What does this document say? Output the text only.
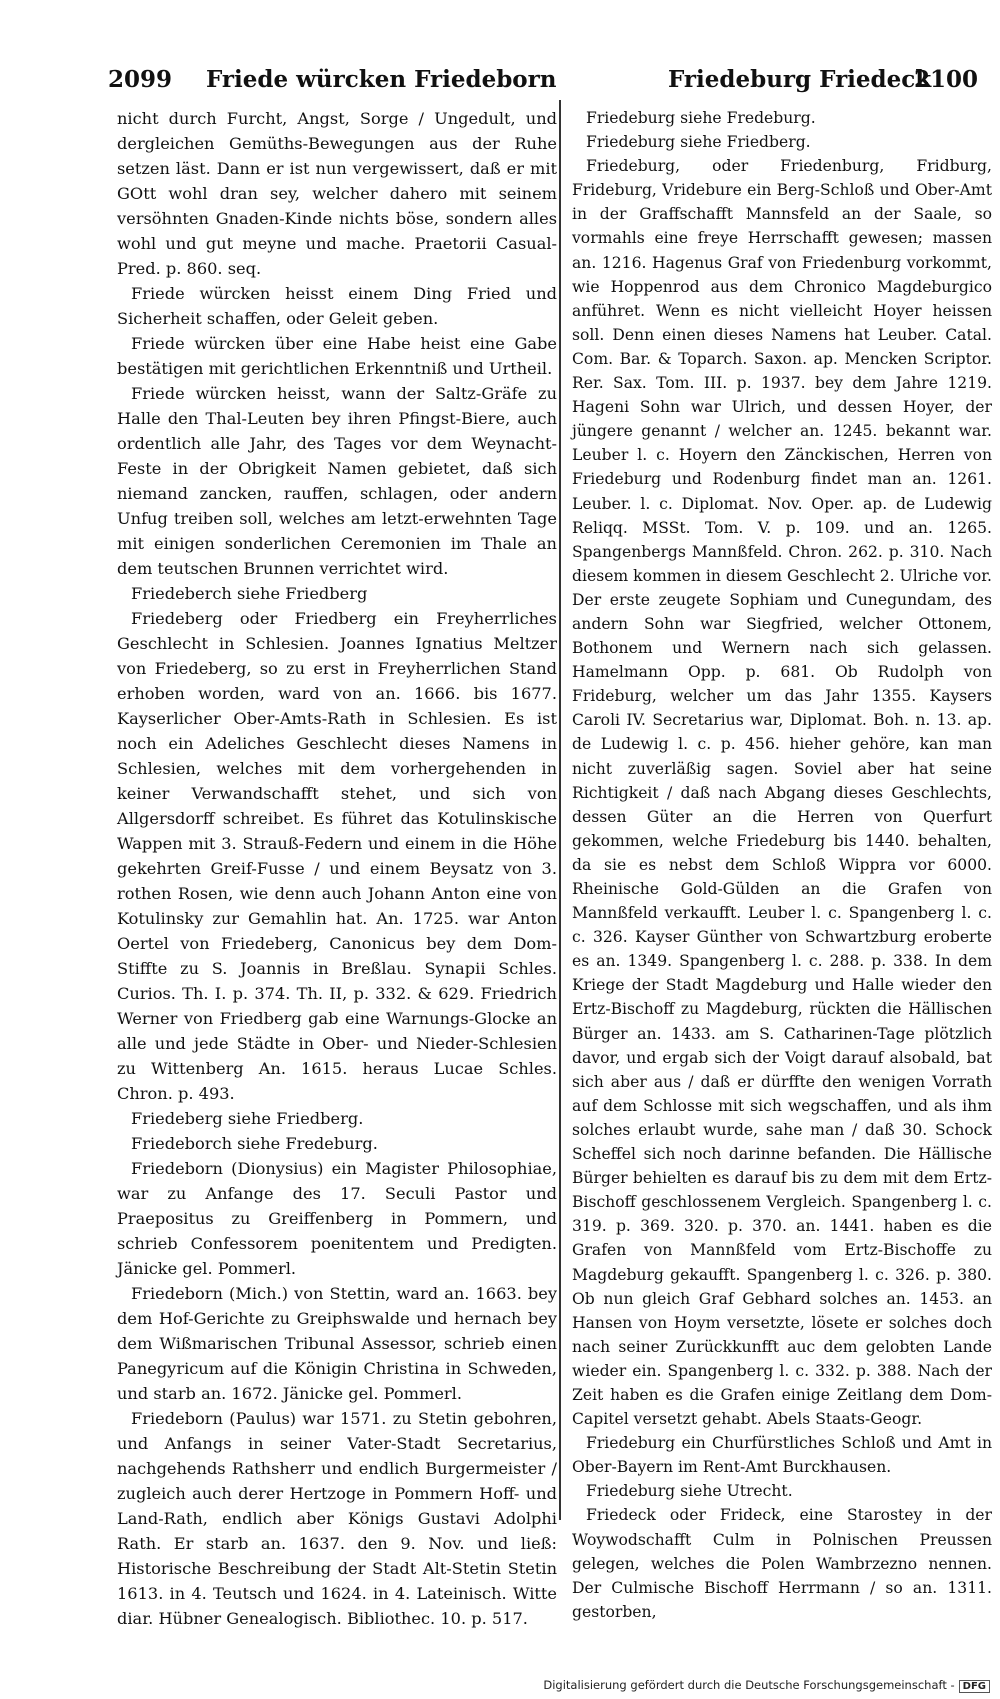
2099 Friede würcken Friedeborn	Friedeburg Friedeck
2100

nicht durch Furcht, Angst, Sorge / Ungedult, und dergleichen Gemüths-Bewegungen aus der Ruhe setzen läst. Dann er ist nun vergewissert, daß er mit GOtt wohl dran sey, welcher dahero mit seinem versöhnten Gnaden-Kinde nichts böse, sondern alles wohl und gut meyne und mache. Praetorii Casual-Pred. p. 860. seq.

Friede würcken heisst einem Ding Fried und Sicherheit schaffen, oder Geleit geben.

Friede würcken über eine Habe heist eine Gabe bestätigen mit gerichtlichen Erkenntniß und Urtheil.

Friede würcken heisst, wann der Saltz-Gräfe zu Halle den Thal-Leuten bey ihren Pfingst-Biere, auch ordentlich alle Jahr, des Tages vor dem Weynacht-Feste in der Obrigkeit Namen gebietet, daß sich niemand zancken, rauffen, schlagen, oder andern Unfug treiben soll, welches am letzt-erwehnten Tage mit einigen sonderlichen Ceremonien im Thale an dem teutschen Brunnen verrichtet wird.

Friedeberch siehe Friedberg

Friedeberg oder Friedberg ein Freyherrliches Geschlecht in Schlesien. Joannes Ignatius Meltzer von Friedeberg, so zu erst in Freyherrlichen Stand erhoben worden, ward von an. 1666. bis 1677. Kayserlicher Ober-Amts-Rath in Schlesien. Es ist noch ein Adeliches Geschlecht dieses Namens in Schlesien, welches mit dem vorhergehenden in keiner Verwandschafft stehet, und sich von Allgersdorff schreibet. Es führet das Kotulinskische Wappen mit 3. Strauß-Federn und einem in die Höhe gekehrten Greif-Fusse / und einem Beysatz von 3. rothen Rosen, wie denn auch Johann Anton eine von Kotulinsky zur Gemahlin hat. An. 1725. war Anton Oertel von Friedeberg, Canonicus bey dem Dom-Stiffte zu S. Joannis in Breßlau. Synapii Schles. Curios. Th. I. p. 374. Th. II, p. 332. & 629. Friedrich Werner von Friedberg gab eine Warnungs-Glocke an alle und jede Städte in Ober- und Nieder-Schlesien zu Wittenberg An. 1615. heraus Lucae Schles. Chron. p. 493.

Friedeberg siehe Friedberg.

Friedeborch siehe Fredeburg.

Friedeborn (Dionysius) ein Magister Philosophiae, war zu Anfange des 17. Seculi Pastor und Praepositus zu Greiffenberg in Pommern, und schrieb Confessorem poenitentem und Predigten. Jänicke gel. Pommerl.

Friedeborn (Mich.) von Stettin, ward an. 1663. bey dem Hof-Gerichte zu Greiphswalde und hernach bey dem Wißmarischen Tribunal Assessor, schrieb einen Panegyricum auf die Königin Christina in Schweden, und starb an. 1672. Jänicke gel. Pommerl.

Friedeborn (Paulus) war 1571. zu Stetin gebohren, und Anfangs in seiner Vater-Stadt Secretarius, nachgehends Rathsherr und endlich Burgermeister / zugleich auch derer Hertzoge in Pommern Hoff- und Land-Rath, endlich aber Königs Gustavi Adolphi Rath. Er starb an. 1637. den 9. Nov. und ließ: Historische Beschreibung der Stadt Alt-Stetin Stetin 1613. in 4. Teutsch und 1624. in 4. Lateinisch. Witte diar. Hübner Genealogisch. Bibliothec. 10. p. 517.

Friedeburg siehe Fredeburg.

Friedeburg siehe Friedberg.

Friedeburg, oder Friedenburg, Fridburg, Frideburg, Vridebure ein Berg-Schloß und Ober-Amt in der Graffschafft Mannsfeld an der Saale, so vormahls eine freye Herrschafft gewesen; massen an. 1216. Hagenus Graf von Friedenburg vorkommt, wie Hoppenrod aus dem Chronico Magdeburgico anführet. Wenn es nicht vielleicht Hoyer heissen soll. Denn einen dieses Namens hat Leuber. Catal. Com. Bar. & Toparch. Saxon. ap. Mencken Scriptor. Rer. Sax. Tom. III. p. 1937. bey dem Jahre 1219. Hageni Sohn war Ulrich, und dessen Hoyer, der jüngere genannt / welcher an. 1245. bekannt war. Leuber l. c. Hoyern den Zänckischen, Herren von Friedeburg und Rodenburg findet man an. 1261. Leuber. l. c. Diplomat. Nov. Oper. ap. de Ludewig Reliqq. MSSt. Tom. V. p. 109. und an. 1265. Spangenbergs Mannßfeld. Chron. 262. p. 310. Nach diesem kommen in diesem Geschlecht 2. Ulriche vor. Der erste zeugete Sophiam und Cunegundam, des andern Sohn war Siegfried, welcher Ottonem, Bothonem und Wernern nach sich gelassen. Hamelmann Opp. p. 681. Ob Rudolph von Frideburg, welcher um das Jahr 1355. Kaysers Caroli IV. Secretarius war, Diplomat. Boh. n. 13. ap. de Ludewig l. c. p. 456. hieher gehöre, kan man nicht zuverläßig sagen. Soviel aber hat seine Richtigkeit / daß nach Abgang dieses Geschlechts, dessen Güter an die Herren von Querfurt gekommen, welche Friedeburg bis 1440. behalten, da sie es nebst dem Schloß Wippra vor 6000. Rheinische Gold-Gülden an die Grafen von Mannßfeld verkaufft. Leuber l. c. Spangenberg l. c. c. 326. Kayser Günther von Schwartzburg eroberte es an. 1349. Spangenberg l. c. 288. p. 338. In dem Kriege der Stadt Magdeburg und Halle wieder den Ertz-Bischoff zu Magdeburg, rückten die Hällischen Bürger an. 1433. am S. Catharinen-Tage plötzlich davor, und ergab sich der Voigt darauf alsobald, bat sich aber aus / daß er dürffte den wenigen Vorrath auf dem Schlosse mit sich wegschaffen, und als ihm solches erlaubt wurde, sahe man / daß 30. Schock Scheffel sich noch darinne befanden. Die Hällische Bürger behielten es darauf bis zu dem mit dem Ertz-Bischoff geschlossenem Vergleich. Spangenberg l. c. 319. p. 369. 320. p. 370. an. 1441. haben es die Grafen von Mannßfeld vom Ertz-Bischoffe zu Magdeburg gekaufft. Spangenberg l. c. 326. p. 380. Ob nun gleich Graf Gebhard solches an. 1453. an Hansen von Hoym versetzte, lösete er solches doch nach seiner Zurückkunfft auc dem gelobten Lande wieder ein. Spangenberg l. c. 332. p. 388. Nach der Zeit haben es die Grafen einige Zeitlang dem Dom-Capitel versetzt gehabt. Abels Staats-Geogr.

Friedeburg ein Churfürstliches Schloß und Amt in Ober-Bayern im Rent-Amt Burckhausen.

Friedeburg siehe Utrecht.

Friedeck oder Frideck, eine Starostey in der Woywodschafft Culm in Polnischen Preussen gelegen, welches die Polen Wambrzezno nennen. Der Culmische Bischoff Herrmann / so an. 1311. gestorben,

Digitalisierung gefördert durch die Deutsche Forschungsgemeinschaft - DFG
